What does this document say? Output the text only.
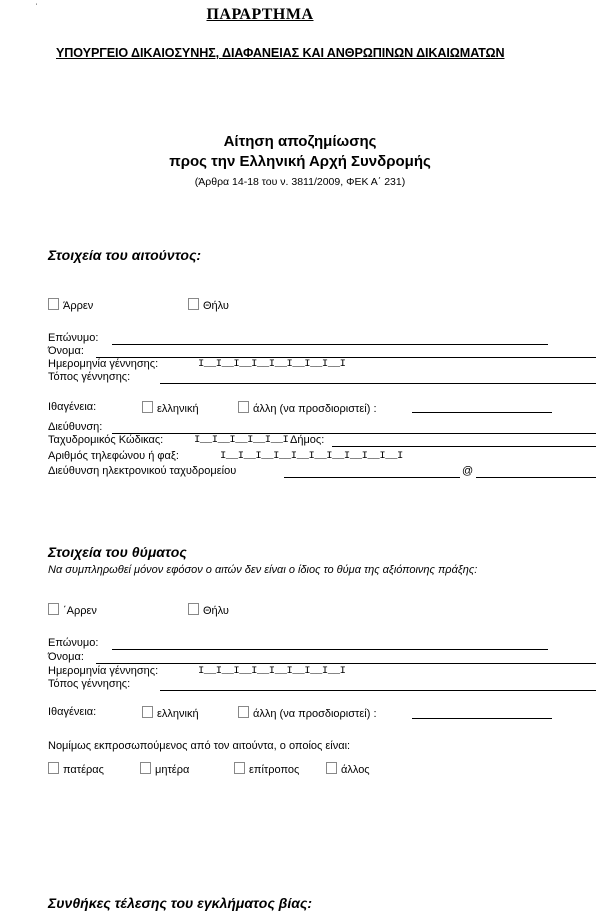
'	ΠΑΡΑΡΤΗΜΑ
ΥΠΟΥΡΓΕΙΟ ΔΙΚΑΙΟΣΥΝΗΣ, ΔΙΑΦΑΝΕΙΑΣ ΚΑΙ ΑΝΘΡΩΠΙΝΩΝ ΔΙΚΑΙΩΜΑΤΩΝ
Αίτηση αποζημίωσης
προς την Ελληνική Αρχή Συνδρομής
(Άρθρα 14-18 του ν. 3811/2009, ΦΕΚ Α΄ 231)
Στοιχεία του αιτούντος:
Άρρεν	Θήλυ
Επώνυμο:
Όνομα:
Ημερομηνία γέννησης:	I__I__I__I__I__I__I__I__I
Τόπος γέννησης:
Ιθαγένεια:	ελληνική	άλλη (να προσδιοριστεί) :
Διεύθυνση:
Ταχυδρομικός Κώδικας:	I__I__I__I__I__I Δήμος:
Αριθμός τηλεφώνου ή φαξ:	I__I__I__I__I__I__I__I__I__I__I
Διεύθυνση ηλεκτρονικού ταχυδρομείου	@
Στοιχεία του θύματος
Να συμπληρωθεί μόνον εφόσον ο αιτών δεν είναι ο ίδιος το θύμα της αξιόποινης πράξης:
΄Αρρεν	Θήλυ
Επώνυμο:
Όνομα:
Ημερομηνία γέννησης:	I__I__I__I__I__I__I__I__I
Τόπος γέννησης:
Ιθαγένεια:	ελληνική	άλλη (να προσδιοριστεί) :
Νομίμως εκπροσωπούμενος από τον αιτούντα, ο οποίος είναι:
πατέρας	μητέρα	επίτροπος	άλλος
Συνθήκες τέλεσης του εγκλήματος βίας:
